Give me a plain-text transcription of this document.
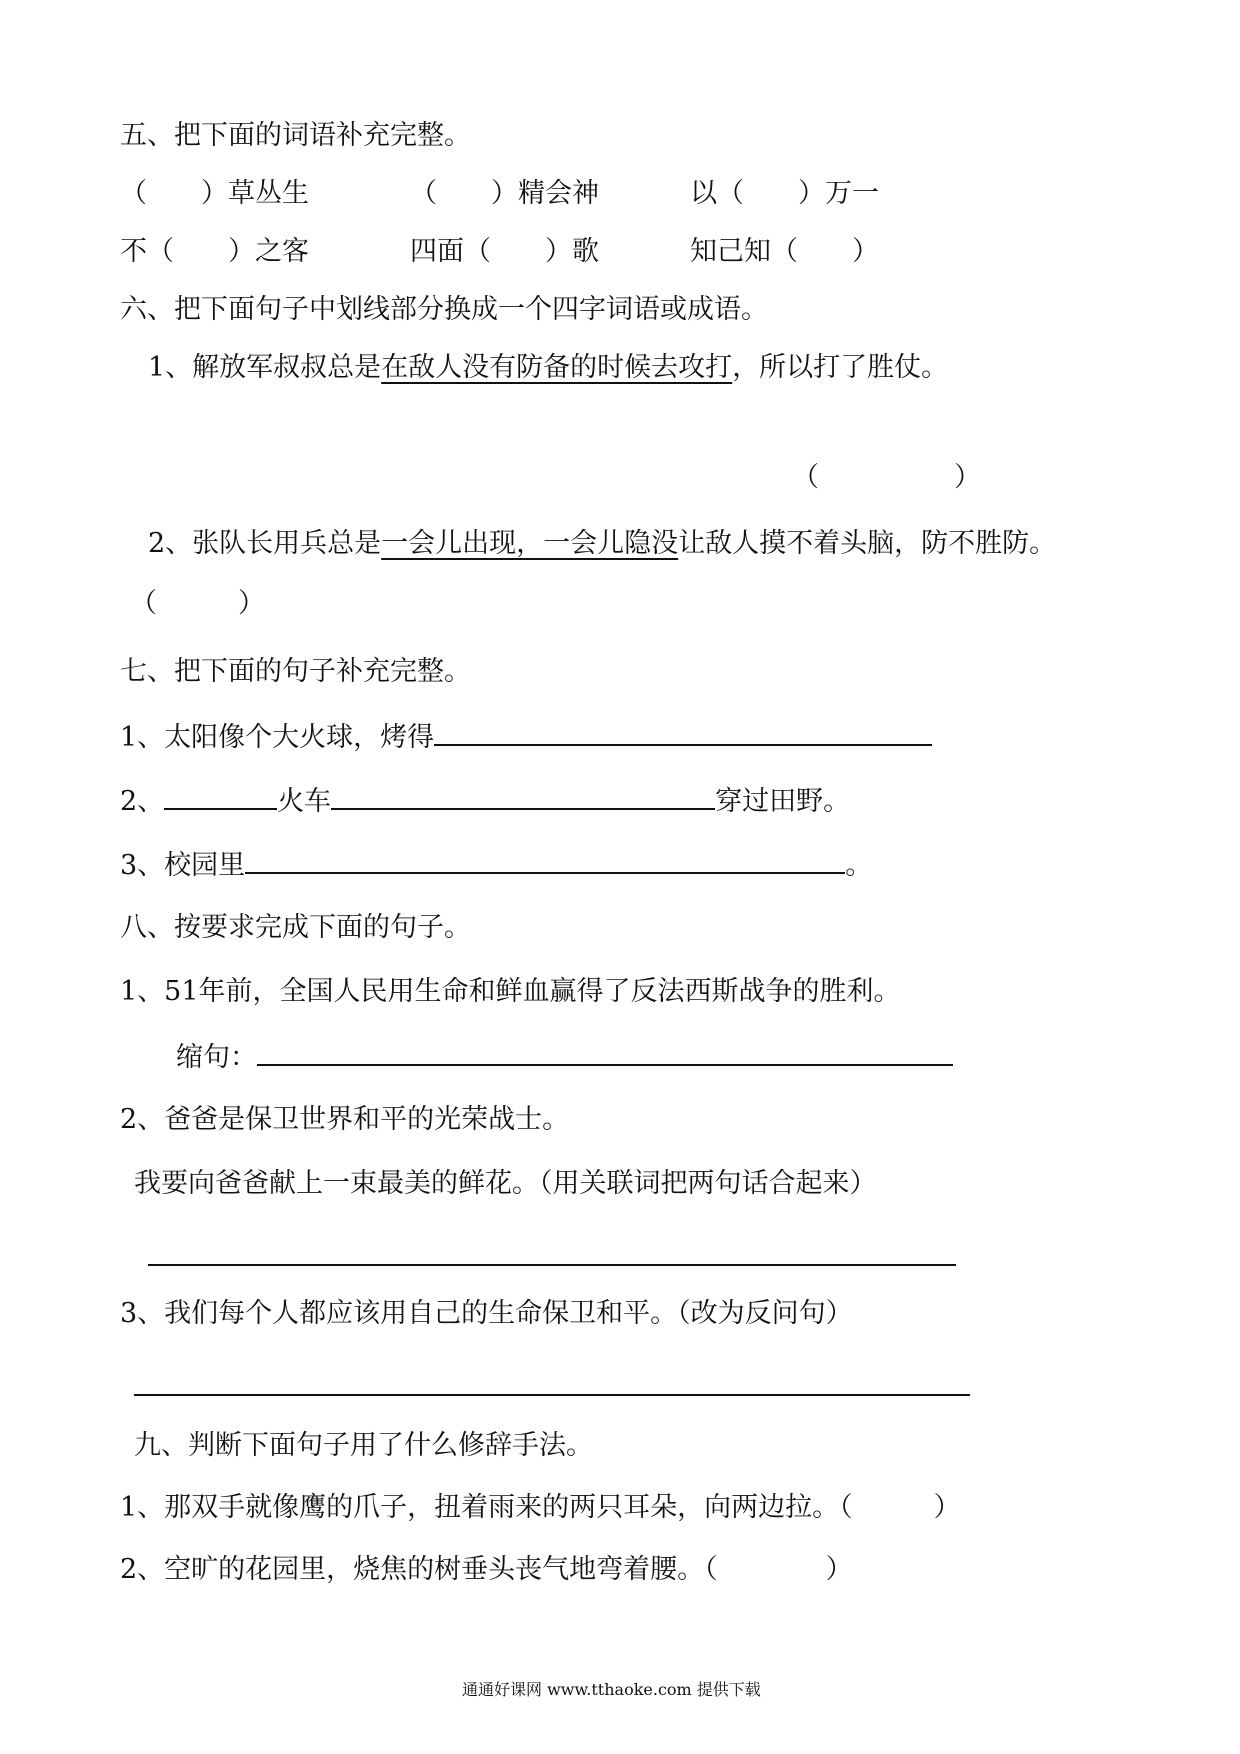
五、把下面的词语补充完整。
（　　）草丛生	（　　）精会神	以（　　）万一
不（　　）之客	四面（　　）歌	知己知（　　）
六、把下面句子中划线部分换成一个四字词语或成语。
1、解放军叔叔总是在敌人没有防备的时候去攻打，所以打了胜仗。
（　　　　　）
2、张队长用兵总是一会儿出现，一会儿隐没让敌人摸不着头脑，防不胜防。
（　　　）
七、把下面的句子补充完整。
1、太阳像个大火球，烤得
2、	火车	穿过田野。
3、校园里	。
八、按要求完成下面的句子。
1、51年前，全国人民用生命和鲜血赢得了反法西斯战争的胜利。
缩句：
2、爸爸是保卫世界和平的光荣战士。
我要向爸爸献上一束最美的鲜花。（用关联词把两句话合起来）
3、我们每个人都应该用自己的生命保卫和平。（改为反问句）
九、判断下面句子用了什么修辞手法。
1、那双手就像鹰的爪子，扭着雨来的两只耳朵，向两边拉。（　　　）
2、空旷的花园里，烧焦的树垂头丧气地弯着腰。（　　　　）
通通好课网 www.tthaoke.com 提供下载
